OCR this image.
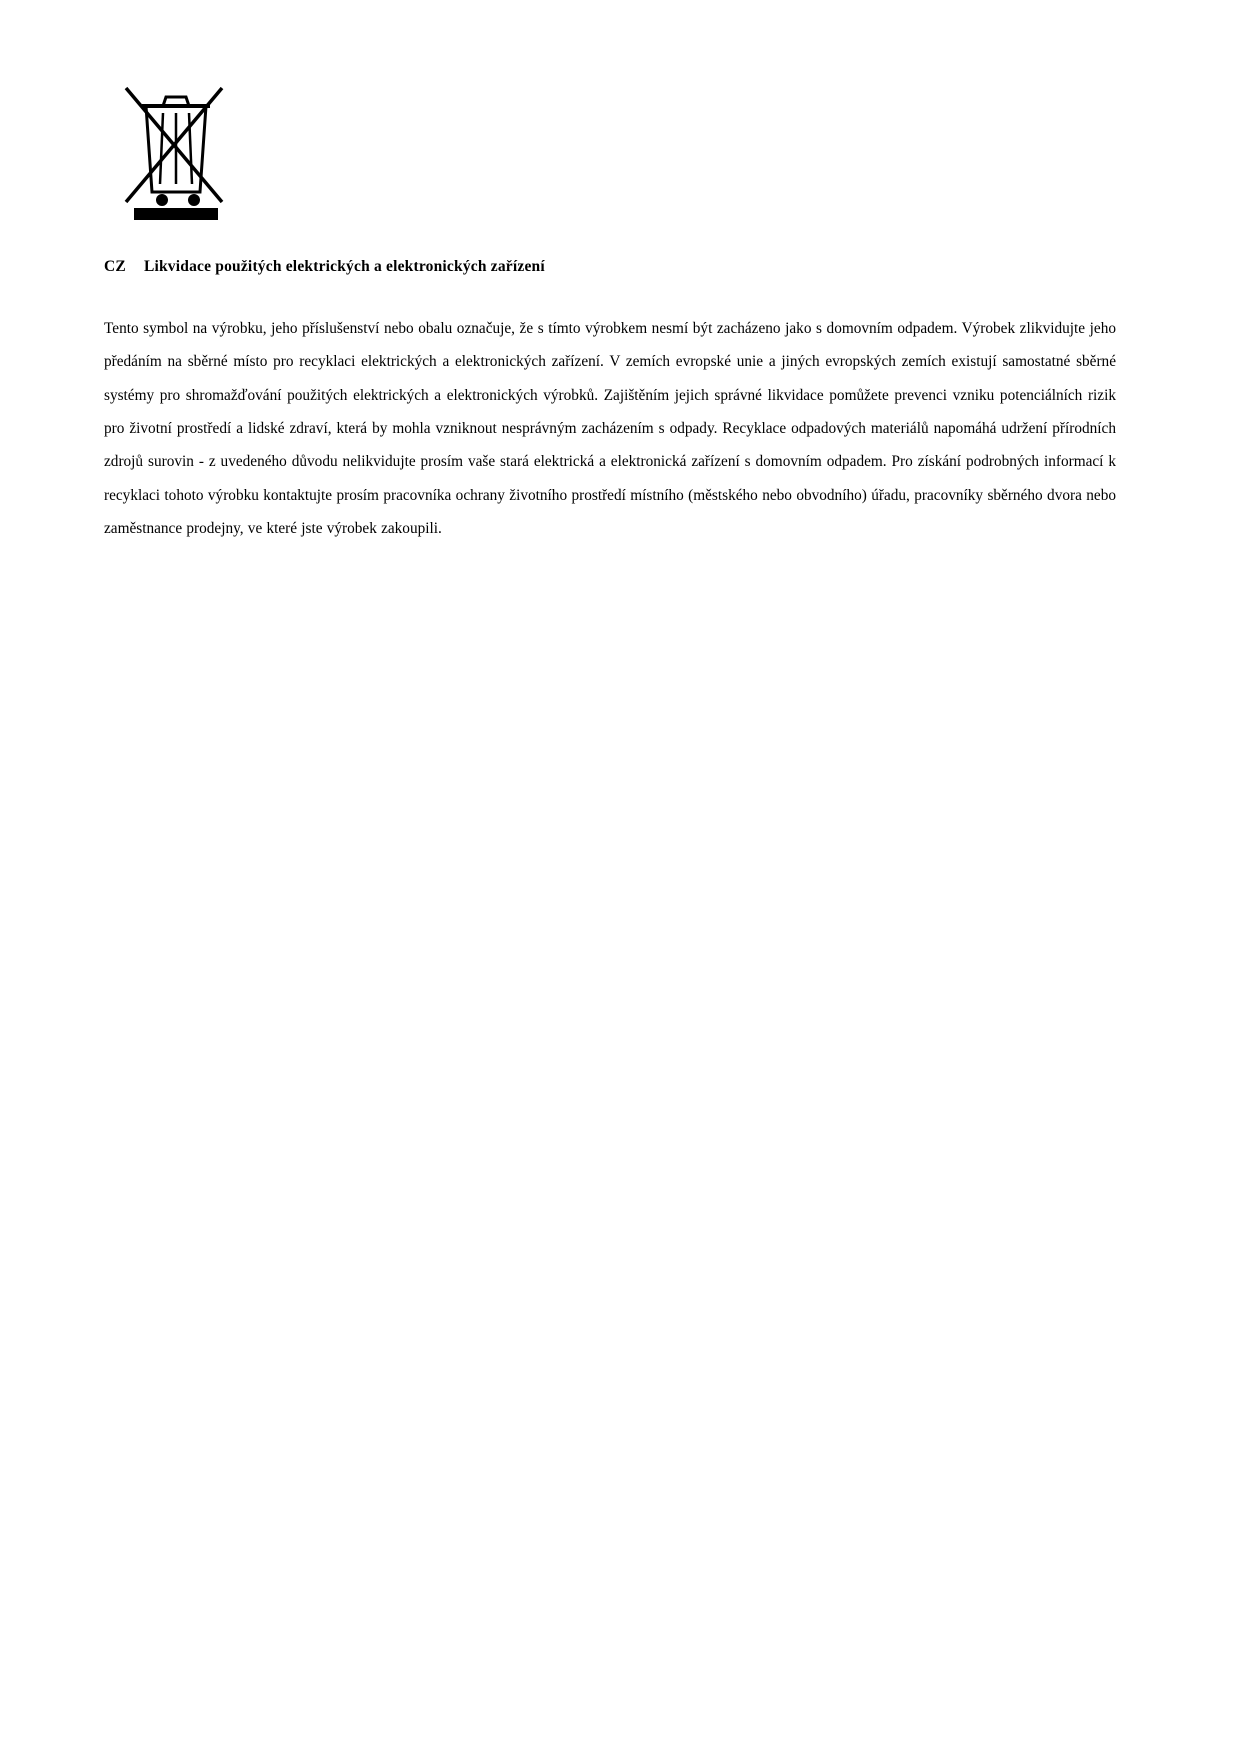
CZ Likvidace použitých elektrických a elektronických zařízení

Tento symbol na výrobku, jeho příslušenství nebo obalu označuje, že s tímto výrobkem nesmí být zacházeno jako s domovním odpadem. Výrobek zlikvidujte jeho předáním na sběrné místo pro recyklaci elektrických a elektronických zařízení. V zemích evropské unie a jiných evropských zemích existují samostatné sběrné systémy pro shromažďování použitých elektrických a elektronických výrobků. Zajištěním jejich správné likvidace pomůžete prevenci vzniku potenciálních rizik pro životní prostředí a lidské zdraví, která by mohla vzniknout nesprávným zacházením s odpady. Recyklace odpadových materiálů napomáhá udržení přírodních zdrojů surovin - z uvedeného důvodu nelikvidujte prosím vaše stará elektrická a elektronická zařízení s domovním odpadem. Pro získání podrobných informací k recyklaci tohoto výrobku kontaktujte prosím pracovníka ochrany životního prostředí místního (městského nebo obvodního) úřadu, pracovníky sběrného dvora nebo zaměstnance prodejny, ve které jste výrobek zakoupili.
